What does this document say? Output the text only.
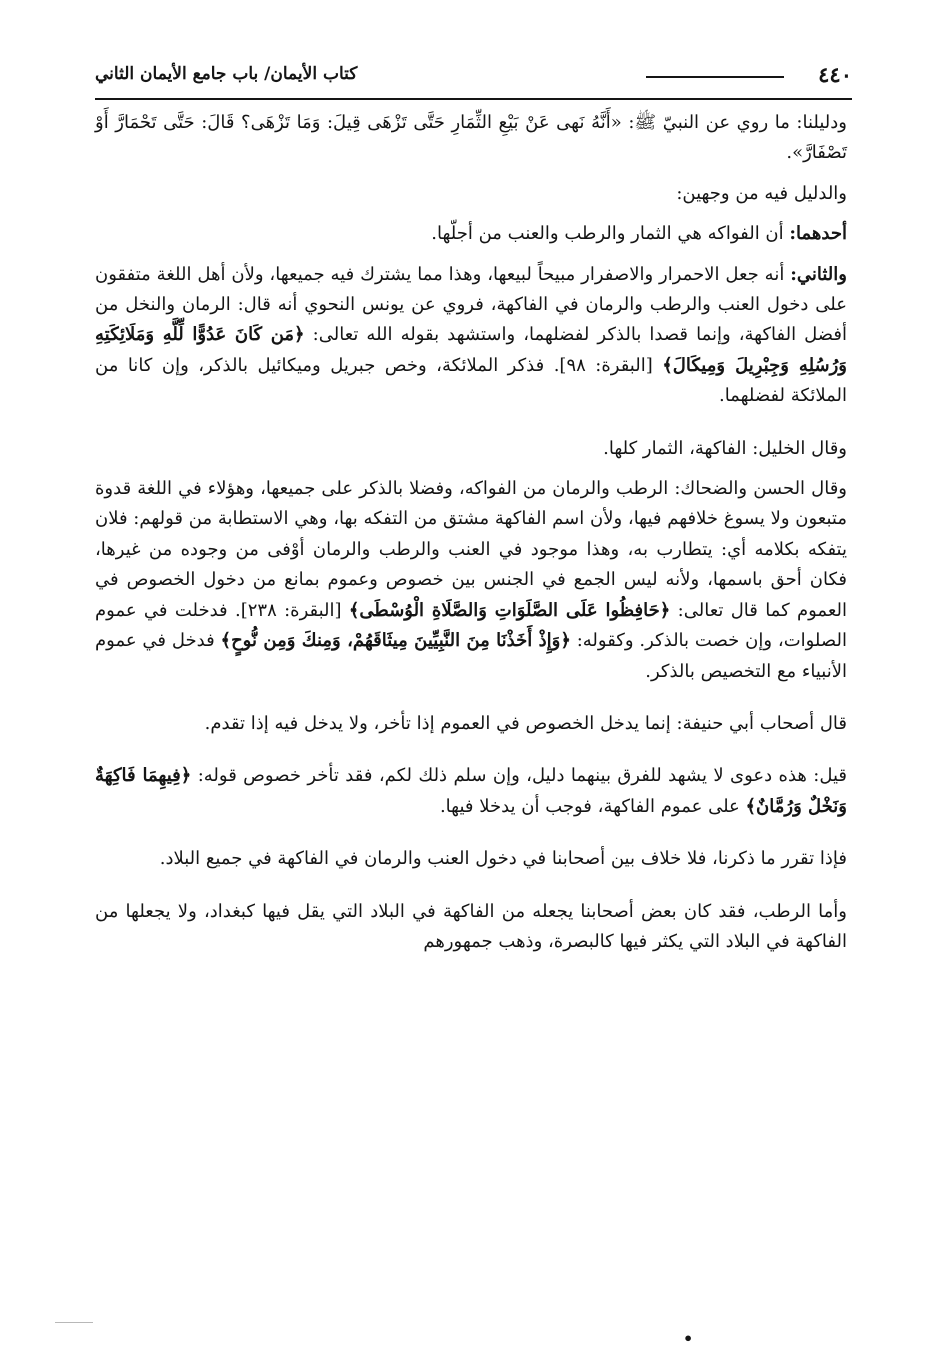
٤٤٠
كتاب الأيمان/ باب جامع الأيمان الثاني

ودليلنا: ما روي عن النبيّ ﷺ: «أَنَّهُ نَهى عَنْ بَيْعِ الثِّمَارِ حَتَّى تَزْهَى قِيلَ: وَمَا تَزْهَى؟ قَالَ: حَتَّى تَحْمَارَّ أَوْ تَصْفَارَّ».

والدليل فيه من وجهين:

أحدهما: أن الفواكه هي الثمار والرطب والعنب من أجلّها.

والثاني: أنه جعل الاحمرار والاصفرار مبيحاً لبيعها، وهذا مما يشترك فيه جميعها، ولأن أهل اللغة متفقون على دخول العنب والرطب والرمان في الفاكهة، فروي عن يونس النحوي أنه قال: الرمان والنخل من أفضل الفاكهة، وإنما قصدا بالذكر لفضلهما، واستشهد بقوله الله تعالى: ﴿مَن كَانَ عَدُوًّا لِّلَّهِ وَمَلَائِكَتِهِ وَرُسُلِهِ وَجِبْرِيلَ وَمِيكَالَ﴾ [البقرة: ٩٨]. فذكر الملائكة، وخص جبريل وميكائيل بالذكر، وإن كانا من الملائكة لفضلهما.

وقال الخليل: الفاكهة، الثمار كلها.

وقال الحسن والضحاك: الرطب والرمان من الفواكه، وفضلا بالذكر على جميعها، وهؤلاء في اللغة قدوة متبعون ولا يسوغ خلافهم فيها، ولأن اسم الفاكهة مشتق من التفكه بها، وهي الاستطابة من قولهم: فلان يتفكه بكلامه أي: يتطارب به، وهذا موجود في العنب والرطب والرمان أوْفى من وجوده من غيرها، فكان أحق باسمها، ولأنه ليس الجمع في الجنس بين خصوص وعموم بمانع من دخول الخصوص في العموم كما قال تعالى: ﴿حَافِظُوا عَلَى الصَّلَوَاتِ وَالصَّلَاةِ الْوُسْطَى﴾ [البقرة: ٢٣٨]. فدخلت في عموم الصلوات، وإن خصت بالذكر. وكقوله: ﴿وَإِذْ أَخَذْنَا مِنَ النَّبِيِّينَ مِيثَاقَهُمْ، وَمِنكَ وَمِن نُّوحٍ﴾ فدخل في عموم الأنبياء مع التخصيص بالذكر.

قال أصحاب أبي حنيفة: إنما يدخل الخصوص في العموم إذا تأخر، ولا يدخل فيه إذا تقدم.

قيل: هذه دعوى لا يشهد للفرق بينهما دليل، وإن سلم ذلك لكم، فقد تأخر خصوص قوله: ﴿فِيهِمَا فَاكِهَةٌ وَنَخْلٌ وَرُمَّانٌ﴾ على عموم الفاكهة، فوجب أن يدخلا فيها.

فإذا تقرر ما ذكرنا، فلا خلاف بين أصحابنا في دخول العنب والرمان في الفاكهة في جميع البلاد.

وأما الرطب، فقد كان بعض أصحابنا يجعله من الفاكهة في البلاد التي يقل فيها كبغداد، ولا يجعلها من الفاكهة في البلاد التي يكثر فيها كالبصرة، وذهب جمهورهم

•
